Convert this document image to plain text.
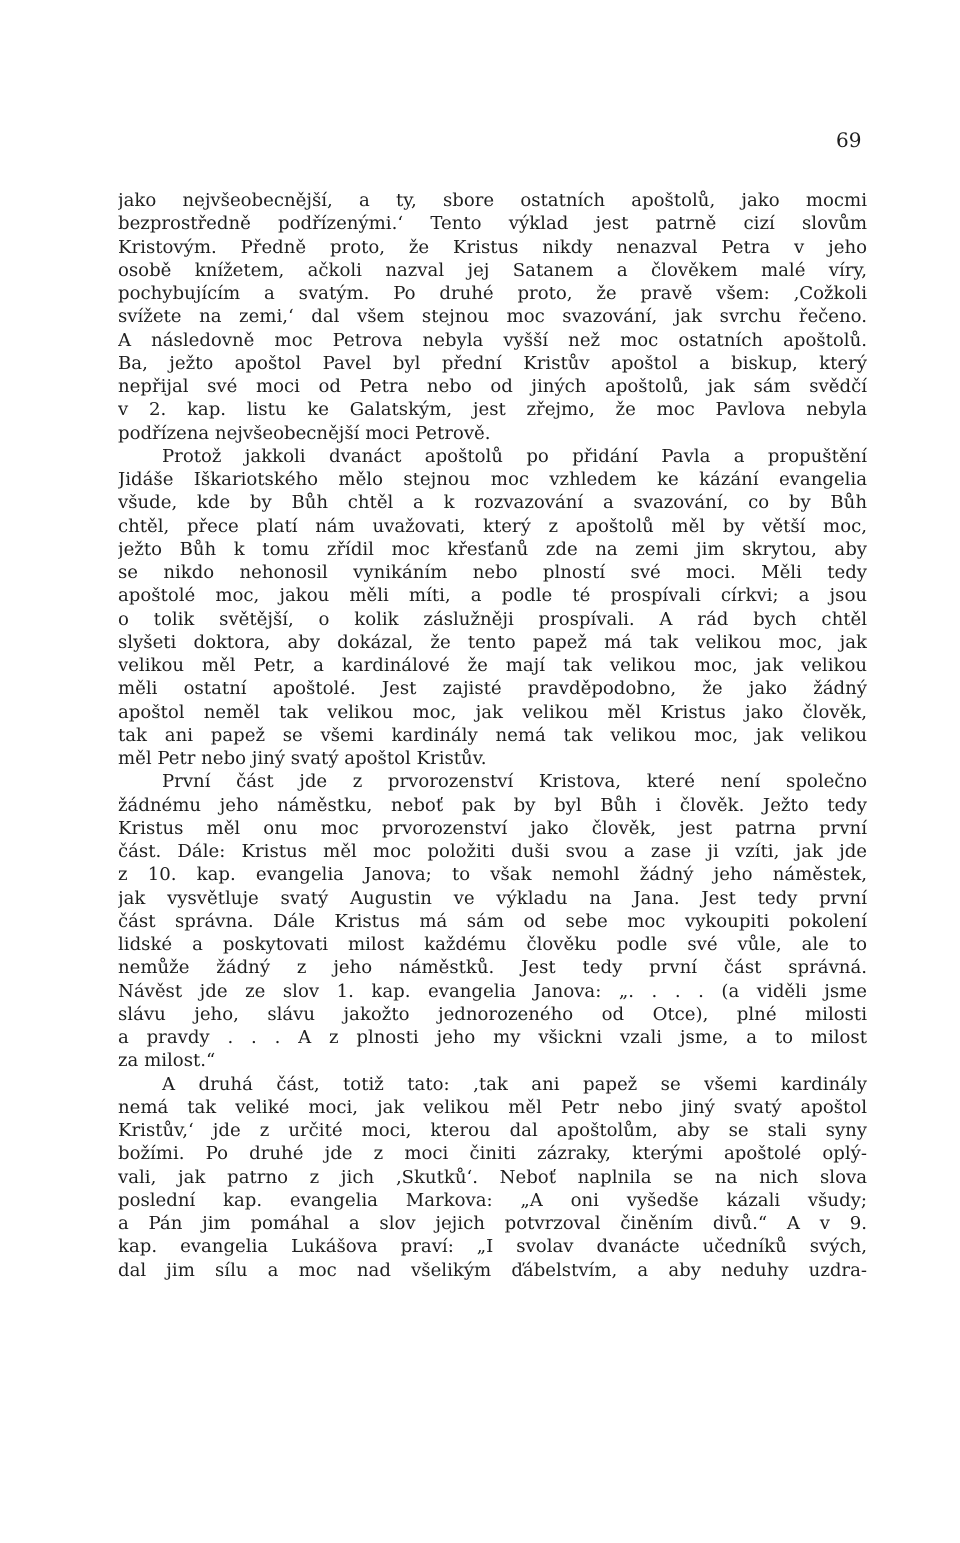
69
jako nejvšeobecnější, a ty, sbore ostatních apoštolů, jako mocmi
bezprostředně podřízenými.‘ Tento výklad jest patrně cizí slovům
Kristovým. Předně proto, že Kristus nikdy nenazval Petra v jeho
osobě knížetem, ačkoli nazval jej Satanem a člověkem malé víry,
pochybujícím a svatým. Po druhé proto, že pravě všem: ‚Cožkoli
svížete na zemi,‘ dal všem stejnou moc svazování, jak svrchu řečeno.
A následovně moc Petrova nebyla vyšší než moc ostatních apoštolů.
Ba, ježto apoštol Pavel byl přední Kristův apoštol a biskup, který
nepřijal své moci od Petra nebo od jiných apoštolů, jak sám svědčí
v 2. kap. listu ke Galatským, jest zřejmo, že moc Pavlova nebyla
podřízena nejvšeobecnější moci Petrově.
Protož jakkoli dvanáct apoštolů po přidání Pavla a propuštění
Jidáše Iškariotského mělo stejnou moc vzhledem ke kázání evangelia
všude, kde by Bůh chtěl a k rozvazování a svazování, co by Bůh
chtěl, přece platí nám uvažovati, který z apoštolů měl by větší moc,
ježto Bůh k tomu zřídil moc křesťanů zde na zemi jim skrytou, aby
se nikdo nehonosil vynikáním nebo plností své moci. Měli tedy
apoštolé moc, jakou měli míti, a podle té prospívali církvi; a jsou
o tolik světější, o kolik záslužněji prospívali. A rád bych chtěl
slyšeti doktora, aby dokázal, že tento papež má tak velikou moc, jak
velikou měl Petr, a kardinálové že mají tak velikou moc, jak velikou
měli ostatní apoštolé. Jest zajisté pravděpodobno, že jako žádný
apoštol neměl tak velikou moc, jak velikou měl Kristus jako člověk,
tak ani papež se všemi kardinály nemá tak velikou moc, jak velikou
měl Petr nebo jiný svatý apoštol Kristův.
První část jde z prvorozenství Kristova, které není společno
žádnému jeho náměstku, neboť pak by byl Bůh i člověk. Ježto tedy
Kristus měl onu moc prvorozenství jako člověk, jest patrna první
část. Dále: Kristus měl moc položiti duši svou a zase ji vzíti, jak jde
z 10. kap. evangelia Janova; to však nemohl žádný jeho náměstek,
jak vysvětluje svatý Augustin ve výkladu na Jana. Jest tedy první
část správna. Dále Kristus má sám od sebe moc vykoupiti pokolení
lidské a poskytovati milost každému člověku podle své vůle, ale to
nemůže žádný z jeho náměstků. Jest tedy první část správná.
Návěst jde ze slov 1. kap. evangelia Janova: „. . . . (a viděli jsme
slávu jeho, slávu jakožto jednorozeného od Otce), plné milosti
a pravdy . . . A z plnosti jeho my všickni vzali jsme, a to milost
za milost.“
A druhá část, totiž tato: ‚tak ani papež se všemi kardinály
nemá tak veliké moci, jak velikou měl Petr nebo jiný svatý apoštol
Kristův,‘ jde z určité moci, kterou dal apoštolům, aby se stali syny
božími. Po druhé jde z moci činiti zázraky, kterými apoštolé oplý-
vali, jak patrno z jich ‚Skutků‘. Neboť naplnila se na nich slova
poslední kap. evangelia Markova: „A oni vyšedše kázali všudy;
a Pán jim pomáhal a slov jejich potvrzoval činěním divů.“ A v 9.
kap. evangelia Lukášova praví: „I svolav dvanácte učedníků svých,
dal jim sílu a moc nad všelikým ďábelstvím, a aby neduhy uzdra-
